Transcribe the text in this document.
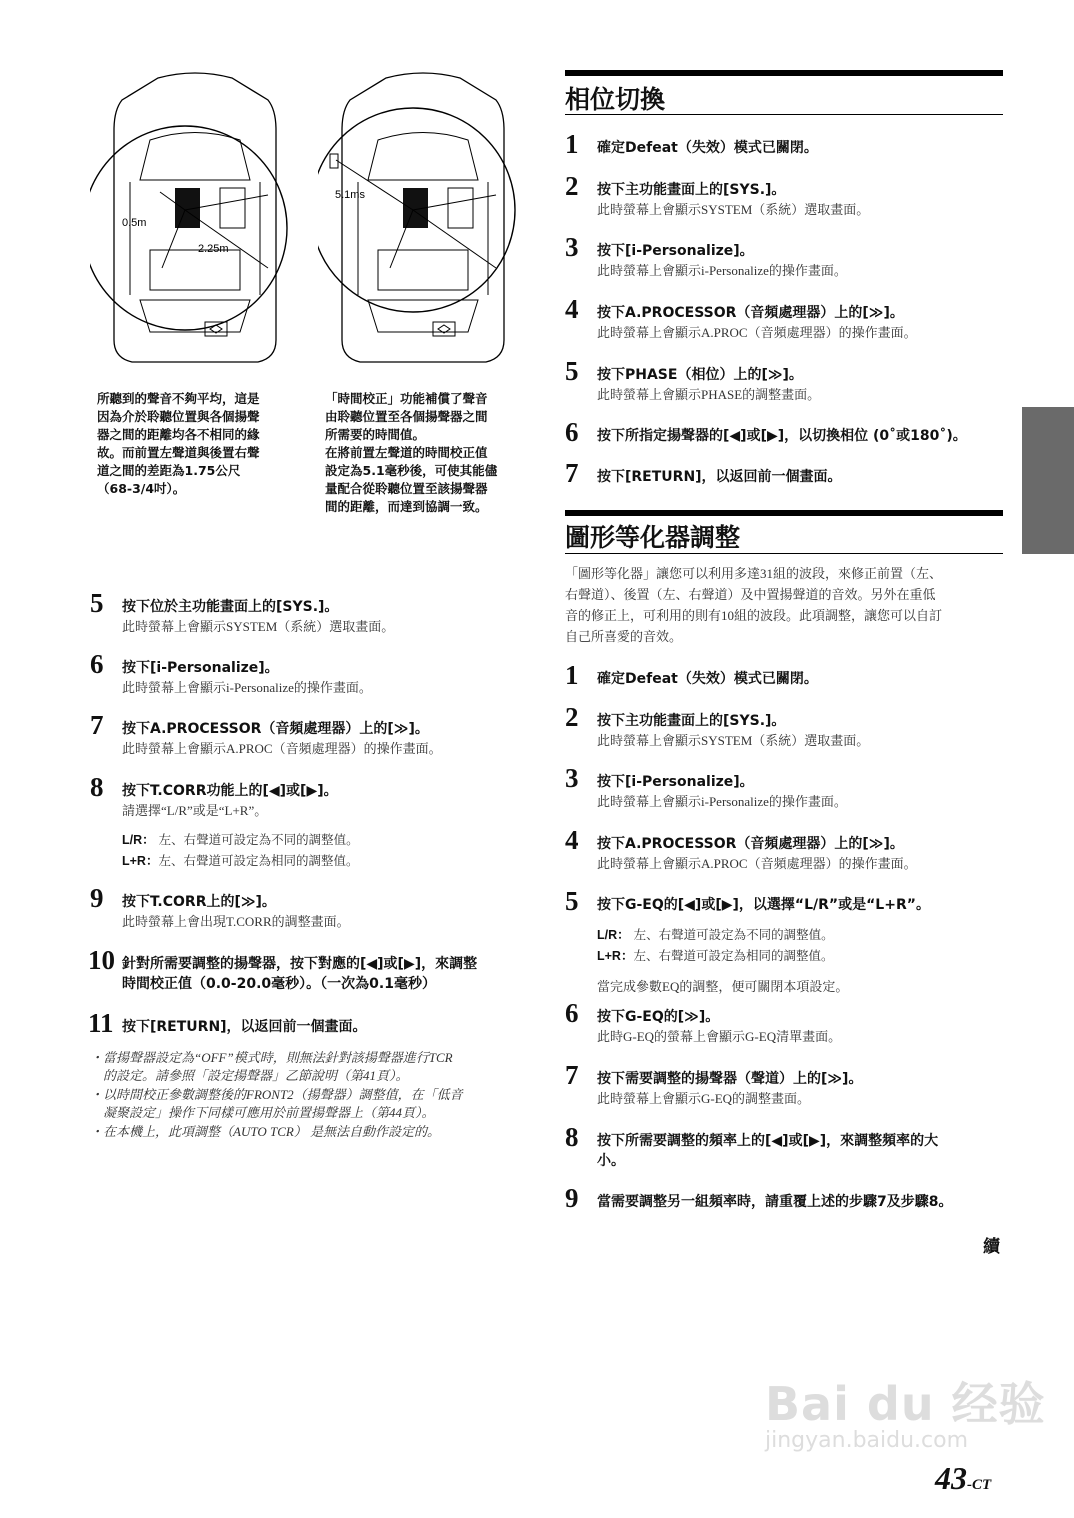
0.5m
2.25m
5.1ms
所聽到的聲音不夠平均，這是
因為介於聆聽位置與各個揚聲
器之間的距離均各不相同的緣
故。而前置左聲道與後置右聲
道之間的差距為1.75公尺
（68-3/4吋）。
「時間校正」功能補償了聲音
由聆聽位置至各個揚聲器之間
所需要的時間值。
在將前置左聲道的時間校正值
設定為5.1毫秒後，可使其能儘
量配合從聆聽位置至該揚聲器
間的距離，而達到協調一致。
5 按下位於主功能畫面上的[SYS.]。
此時螢幕上會顯示SYSTEM（系統）選取畫面。
6 按下[i-Personalize]。
此時螢幕上會顯示i-Personalize的操作畫面。
7 按下A.PROCESSOR（音頻處理器）上的[≫]。
此時螢幕上會顯示A.PROC（音頻處理器）的操作畫面。
8 按下T.CORR功能上的[◀]或[▶]。
請選擇“L/R”或是“L+R”。
L/R： 左、右聲道可設定為不同的調整值。
L+R：左、右聲道可設定為相同的調整值。
9 按下T.CORR上的[≫]。
此時螢幕上會出現T.CORR的調整畫面。
10 針對所需要調整的揚聲器，按下對應的[◀]或[▶]，來調整
時間校正值（0.0-20.0毫秒）。（一次為0.1毫秒）
11 按下[RETURN]，以返回前一個畫面。
・當揚聲器設定為“OFF”模式時，則無法針對該揚聲器進行TCR
　的設定。請參照「設定揚聲器」乙節說明（第41頁）。
・以時間校正參數調整後的FRONT2（揚聲器）調整值，在「低音
　凝聚設定」操作下同樣可應用於前置揚聲器上（第44頁）。
・在本機上，此項調整（AUTO TCR） 是無法自動作設定的。
相位切換
1 確定Defeat（失效）模式已關閉。
2 按下主功能畫面上的[SYS.]。
此時螢幕上會顯示SYSTEM（系統）選取畫面。
3 按下[i-Personalize]。
此時螢幕上會顯示i-Personalize的操作畫面。
4 按下A.PROCESSOR（音頻處理器）上的[≫]。
此時螢幕上會顯示A.PROC（音頻處理器）的操作畫面。
5 按下PHASE（相位）上的[≫]。
此時螢幕上會顯示PHASE的調整畫面。
6 按下所指定揚聲器的[◀]或[▶]，以切換相位 (0˚或180˚)。
7 按下[RETURN]，以返回前一個畫面。
圖形等化器調整
「圖形等化器」讓您可以利用多達31組的波段，來修正前置（左、
右聲道）、後置（左、右聲道）及中置揚聲道的音效。另外在重低
音的修正上，可利用的則有10組的波段。此項調整，讓您可以自訂
自己所喜愛的音效。
1 確定Defeat（失效）模式已關閉。
2 按下主功能畫面上的[SYS.]。
此時螢幕上會顯示SYSTEM（系統）選取畫面。
3 按下[i-Personalize]。
此時螢幕上會顯示i-Personalize的操作畫面。
4 按下A.PROCESSOR（音頻處理器）上的[≫]。
此時螢幕上會顯示A.PROC（音頻處理器）的操作畫面。
5 按下G-EQ的[◀]或[▶]，以選擇“L/R”或是“L+R”。
L/R： 左、右聲道可設定為不同的調整值。
L+R：左、右聲道可設定為相同的調整值。
當完成參數EQ的調整，便可關閉本項設定。
6 按下G-EQ的[≫]。
此時G-EQ的螢幕上會顯示G-EQ清單畫面。
7 按下需要調整的揚聲器（聲道）上的[≫]。
此時螢幕上會顯示G-EQ的調整畫面。
8 按下所需要調整的頻率上的[◀]或[▶]，來調整頻率的大
小。
9 當需要調整另一組頻率時，請重覆上述的步驟7及步驟8。
續
Bai du 经验
jingyan.baidu.com
43-CT
